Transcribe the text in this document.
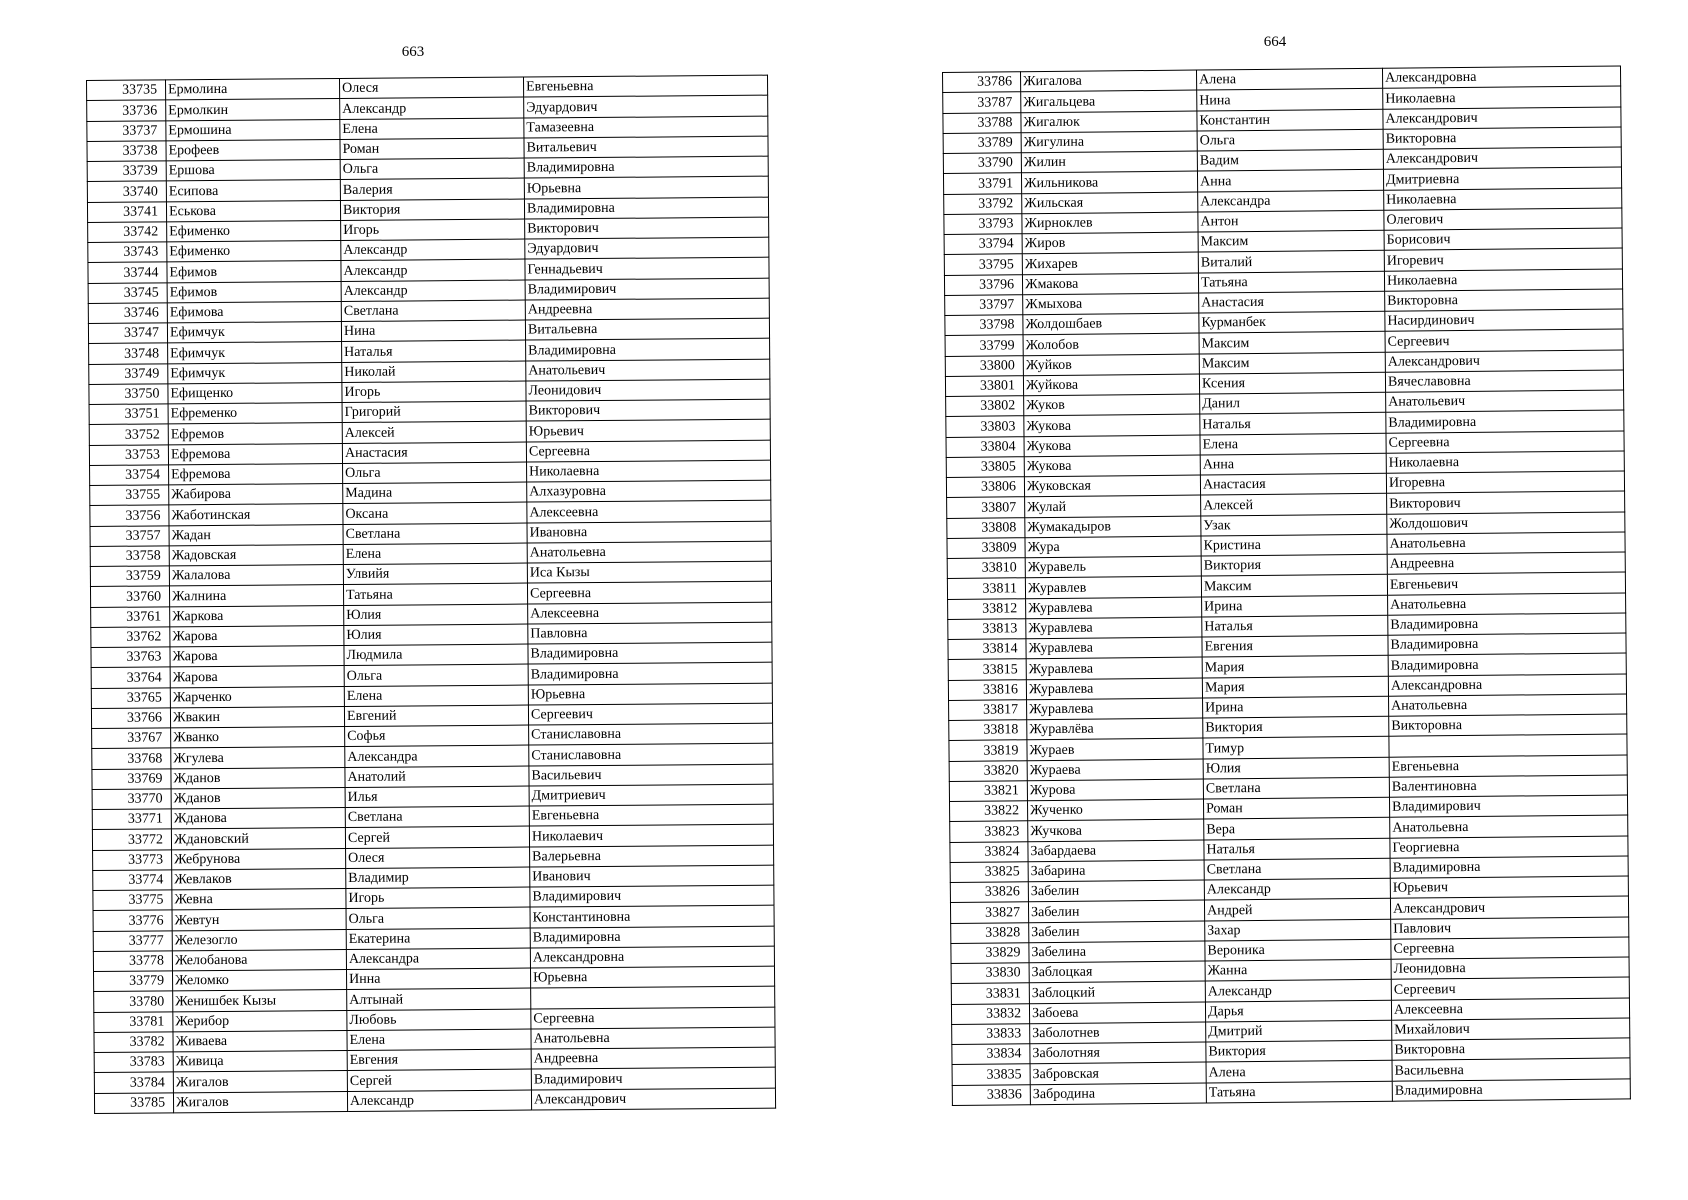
663
664
33735	Ермолина	Олеся	Евгеньевна
33736	Ермолкин	Александр	Эдуардович
33737	Ермошина	Елена	Тамазеевна
33738	Ерофеев	Роман	Витальевич
33739	Ершова	Ольга	Владимировна
33740	Есипова	Валерия	Юрьевна
33741	Еськова	Виктория	Владимировна
33742	Ефименко	Игорь	Викторович
33743	Ефименко	Александр	Эдуардович
33744	Ефимов	Александр	Геннадьевич
33745	Ефимов	Александр	Владимирович
33746	Ефимова	Светлана	Андреевна
33747	Ефимчук	Нина	Витальевна
33748	Ефимчук	Наталья	Владимировна
33749	Ефимчук	Николай	Анатольевич
33750	Ефищенко	Игорь	Леонидович
33751	Ефременко	Григорий	Викторович
33752	Ефремов	Алексей	Юрьевич
33753	Ефремова	Анастасия	Сергеевна
33754	Ефремова	Ольга	Николаевна
33755	Жабирова	Мадина	Алхазуровна
33756	Жаботинская	Оксана	Алексеевна
33757	Жадан	Светлана	Ивановна
33758	Жадовская	Елена	Анатольевна
33759	Жалалова	Улвийя	Иса Кызы
33760	Жалнина	Татьяна	Сергеевна
33761	Жаркова	Юлия	Алексеевна
33762	Жарова	Юлия	Павловна
33763	Жарова	Людмила	Владимировна
33764	Жарова	Ольга	Владимировна
33765	Жарченко	Елена	Юрьевна
33766	Жвакин	Евгений	Сергеевич
33767	Жванко	Софья	Станиславовна
33768	Жгулева	Александра	Станиславовна
33769	Жданов	Анатолий	Васильевич
33770	Жданов	Илья	Дмитриевич
33771	Жданова	Светлана	Евгеньевна
33772	Ждановский	Сергей	Николаевич
33773	Жебрунова	Олеся	Валерьевна
33774	Жевлаков	Владимир	Иванович
33775	Жевна	Игорь	Владимирович
33776	Жевтун	Ольга	Константиновна
33777	Железогло	Екатерина	Владимировна
33778	Желобанова	Александра	Александровна
33779	Желомко	Инна	Юрьевна
33780	Женишбек Кызы	Алтынай	
33781	Жерибор	Любовь	Сергеевна
33782	Живаева	Елена	Анатольевна
33783	Живица	Евгения	Андреевна
33784	Жигалов	Сергей	Владимирович
33785	Жигалов	Александр	Александрович
33786	Жигалова	Алена	Александровна
33787	Жигальцева	Нина	Николаевна
33788	Жигалюк	Константин	Александрович
33789	Жигулина	Ольга	Викторовна
33790	Жилин	Вадим	Александрович
33791	Жильникова	Анна	Дмитриевна
33792	Жильская	Александра	Николаевна
33793	Жирноклев	Антон	Олегович
33794	Жиров	Максим	Борисович
33795	Жихарев	Виталий	Игоревич
33796	Жмакова	Татьяна	Николаевна
33797	Жмыхова	Анастасия	Викторовна
33798	Жолдошбаев	Курманбек	Насирдинович
33799	Жолобов	Максим	Сергеевич
33800	Жуйков	Максим	Александрович
33801	Жуйкова	Ксения	Вячеславовна
33802	Жуков	Данил	Анатольевич
33803	Жукова	Наталья	Владимировна
33804	Жукова	Елена	Сергеевна
33805	Жукова	Анна	Николаевна
33806	Жуковская	Анастасия	Игоревна
33807	Жулай	Алексей	Викторович
33808	Жумакадыров	Узак	Жолдошович
33809	Жура	Кристина	Анатольевна
33810	Журавель	Виктория	Андреевна
33811	Журавлев	Максим	Евгеньевич
33812	Журавлева	Ирина	Анатольевна
33813	Журавлева	Наталья	Владимировна
33814	Журавлева	Евгения	Владимировна
33815	Журавлева	Мария	Владимировна
33816	Журавлева	Мария	Александровна
33817	Журавлева	Ирина	Анатольевна
33818	Журавлёва	Виктория	Викторовна
33819	Жураев	Тимур	
33820	Жураева	Юлия	Евгеньевна
33821	Журова	Светлана	Валентиновна
33822	Жученко	Роман	Владимирович
33823	Жучкова	Вера	Анатольевна
33824	Забардаева	Наталья	Георгиевна
33825	Забарина	Светлана	Владимировна
33826	Забелин	Александр	Юрьевич
33827	Забелин	Андрей	Александрович
33828	Забелин	Захар	Павлович
33829	Забелина	Вероника	Сергеевна
33830	Заблоцкая	Жанна	Леонидовна
33831	Заблоцкий	Александр	Сергеевич
33832	Забоева	Дарья	Алексеевна
33833	Заболотнев	Дмитрий	Михайлович
33834	Заболотняя	Виктория	Викторовна
33835	Забровская	Алена	Васильевна
33836	Забродина	Татьяна	Владимировна
